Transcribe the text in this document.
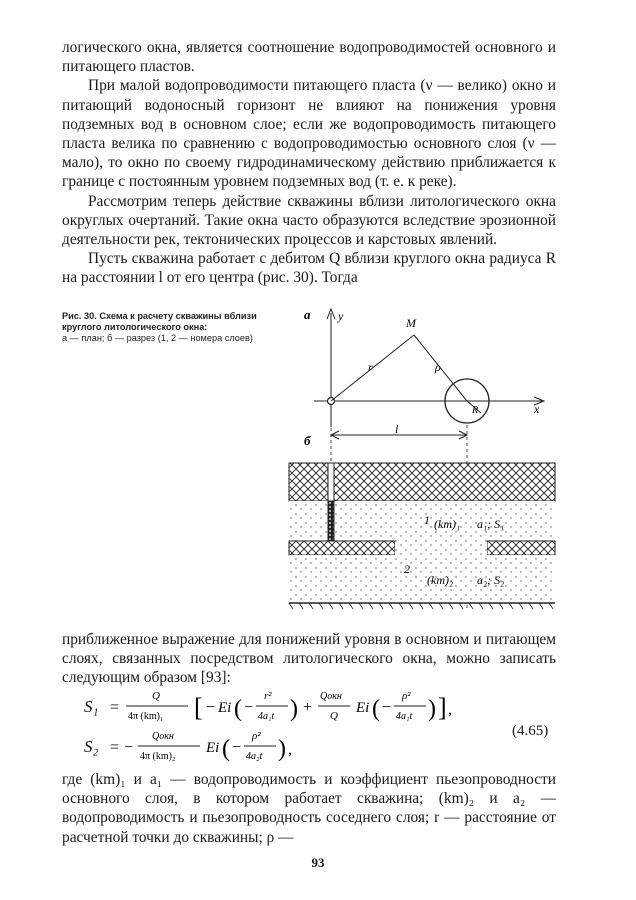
логического окна, является соотношение водопроводимостей основного и питающего пластов.

При малой водопроводимости питающего пласта (ν — велико) окно и питающий водоносный горизонт не влияют на понижения уровня подземных вод в основном слое; если же водопроводимость питающего пласта велика по сравнению с водопроводимостью основного слоя (ν — мало), то окно по своему гидродинамическому действию приближается к границе с постоянным уровнем подземных вод (т. е. к реке).

Рассмотрим теперь действие скважины вблизи литологического окна округлых очертаний. Такие окна часто образуются вследствие эрозионной деятельности рек, тектонических процессов и карстовых явлений.

Пусть скважина работает с дебитом Q вблизи круглого окна радиуса R на расстоянии l от его центра (рис. 30). Тогда

Рис. 30. Схема к расчету скважины вблизи круглого литологического окна:
а — план; б — разрез (1, 2 — номера слоев)
а y
x
R
M
r	ρ
б
l
1 (km)₁ a₁; S₁
2
(km)₂ a₂; S₂

приближенное выражение для понижений уровня в основном и питающем слоях, связанных посредством литологического окна, можно записать следующим образом [93]:

S₁ =
Q
4π (km)₁ [ − Ei ( −
r²
4a₁t ) +
Qокн
Q Ei ( −
ρ²
4a₁t ) ] ,
S₂ = −
Qокн
4π (km)₂
Ei ( −
ρ²
4a₂t ) ,
(4.65)

где (km)₁ и a₁ — водопроводимость и коэффициент пьезопроводности основного слоя, в котором работает скважина; (km)₂ и a₂ — водопроводимость и пьезопроводность соседнего слоя; r — расстояние от расчетной точки до скважины; ρ —

93
